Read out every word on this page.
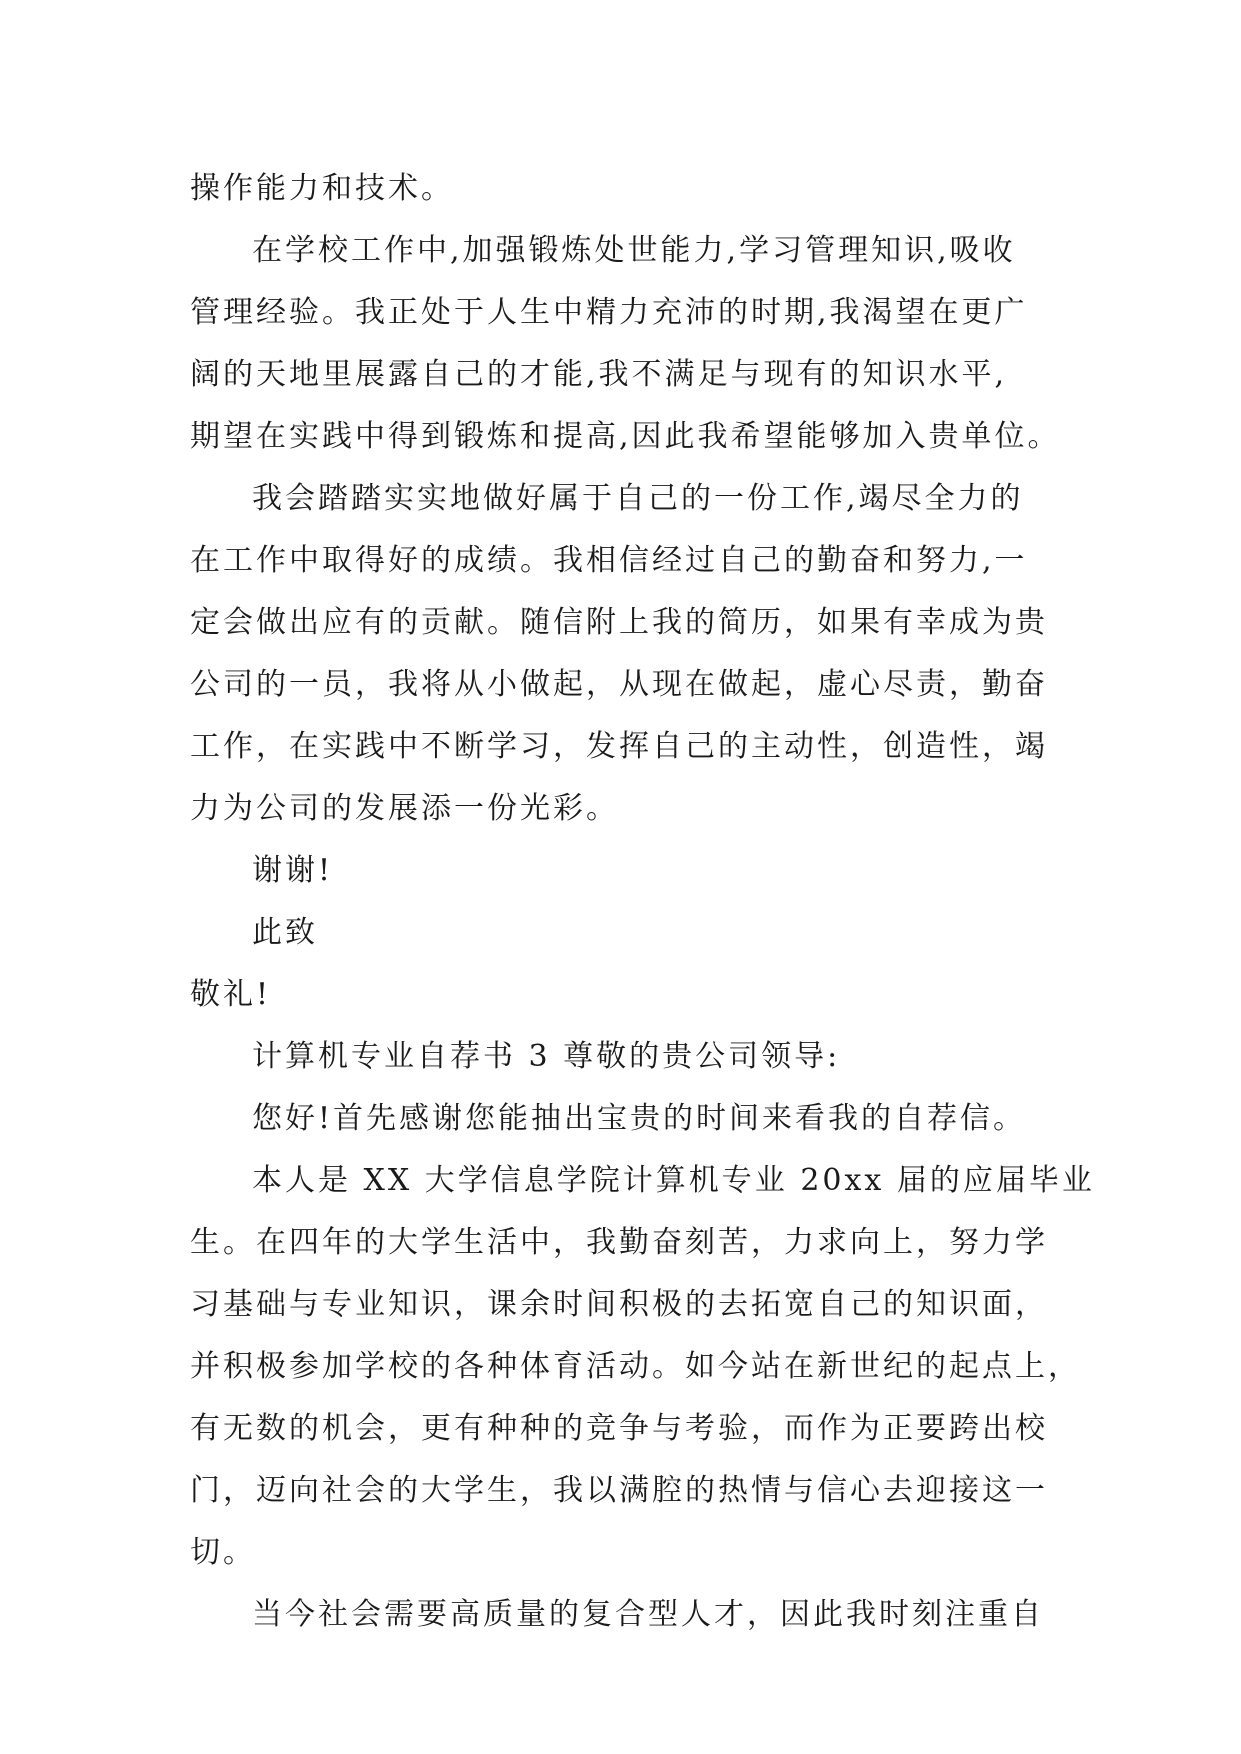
操作能力和技术。
在学校工作中,加强锻炼处世能力,学习管理知识,吸收
管理经验。我正处于人生中精力充沛的时期,我渴望在更广
阔的天地里展露自己的才能,我不满足与现有的知识水平,
期望在实践中得到锻炼和提高,因此我希望能够加入贵单位。
我会踏踏实实地做好属于自己的一份工作,竭尽全力的
在工作中取得好的成绩。我相信经过自己的勤奋和努力,一
定会做出应有的贡献。随信附上我的简历，如果有幸成为贵
公司的一员，我将从小做起，从现在做起，虚心尽责，勤奋
工作，在实践中不断学习，发挥自己的主动性，创造性，竭
力为公司的发展添一份光彩。
谢谢!
此致
敬礼!
计算机专业自荐书 3 尊敬的贵公司领导:
您好!首先感谢您能抽出宝贵的时间来看我的自荐信。
本人是 XX 大学信息学院计算机专业 20xx 届的应届毕业
生。在四年的大学生活中，我勤奋刻苦，力求向上，努力学
习基础与专业知识，课余时间积极的去拓宽自己的知识面，
并积极参加学校的各种体育活动。如今站在新世纪的起点上，
有无数的机会，更有种种的竞争与考验，而作为正要跨出校
门，迈向社会的大学生，我以满腔的热情与信心去迎接这一
切。
当今社会需要高质量的复合型人才，因此我时刻注重自
